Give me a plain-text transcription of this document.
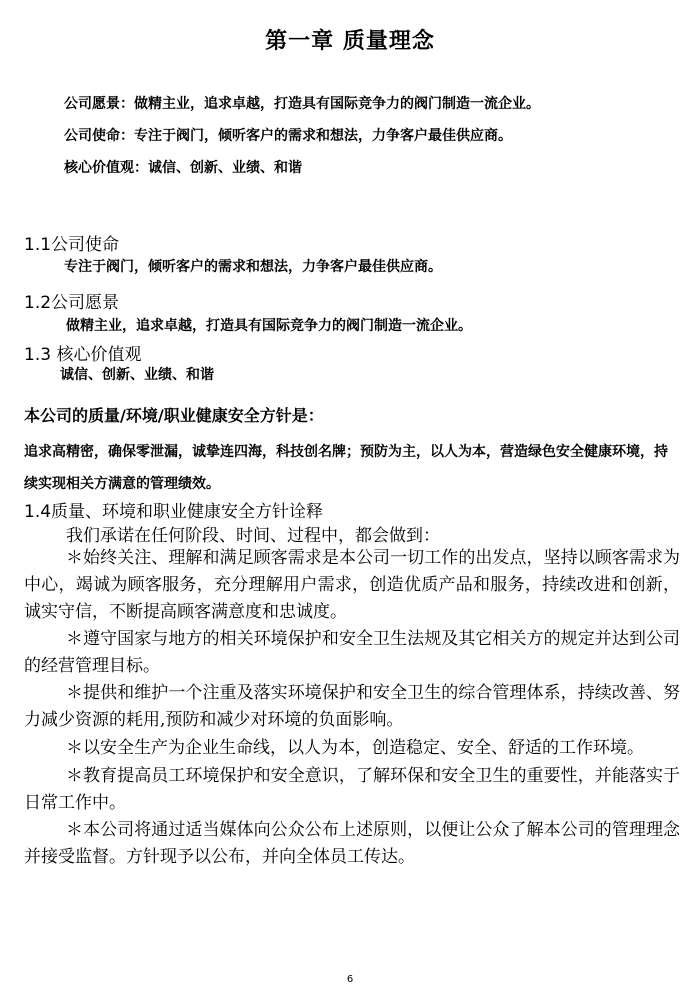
第一章 质量理念
公司愿景：做精主业，追求卓越，打造具有国际竞争力的阀门制造一流企业。
公司使命：专注于阀门，倾听客户的需求和想法，力争客户最佳供应商。
核心价值观：诚信、创新、业绩、和谐
1.1公司使命
专注于阀门，倾听客户的需求和想法，力争客户最佳供应商。
1.2公司愿景
做精主业，追求卓越，打造具有国际竞争力的阀门制造一流企业。
1.3 核心价值观
诚信、创新、业绩、和谐
本公司的质量/环境/职业健康安全方针是：
追求高精密，确保零泄漏，诚挚连四海，科技创名牌；预防为主，以人为本，营造绿色安全健康环境，持续实现相关方满意的管理绩效。
1.4质量、环境和职业健康安全方针诠释
我们承诺在任何阶段、时间、过程中，都会做到：
＊始终关注、理解和满足顾客需求是本公司一切工作的出发点，坚持以顾客需求为中心，竭诚为顾客服务，充分理解用户需求，创造优质产品和服务，持续改进和创新，诚实守信，不断提高顾客满意度和忠诚度。
＊遵守国家与地方的相关环境保护和安全卫生法规及其它相关方的规定并达到公司的经营管理目标。
＊提供和维护一个注重及落实环境保护和安全卫生的综合管理体系，持续改善、努力减少资源的耗用,预防和减少对环境的负面影响。
＊以安全生产为企业生命线，以人为本，创造稳定、安全、舒适的工作环境。
＊教育提高员工环境保护和安全意识，了解环保和安全卫生的重要性，并能落实于日常工作中。
＊本公司将通过适当媒体向公众公布上述原则，以便让公众了解本公司的管理理念并接受监督。方针现予以公布，并向全体员工传达。
6
